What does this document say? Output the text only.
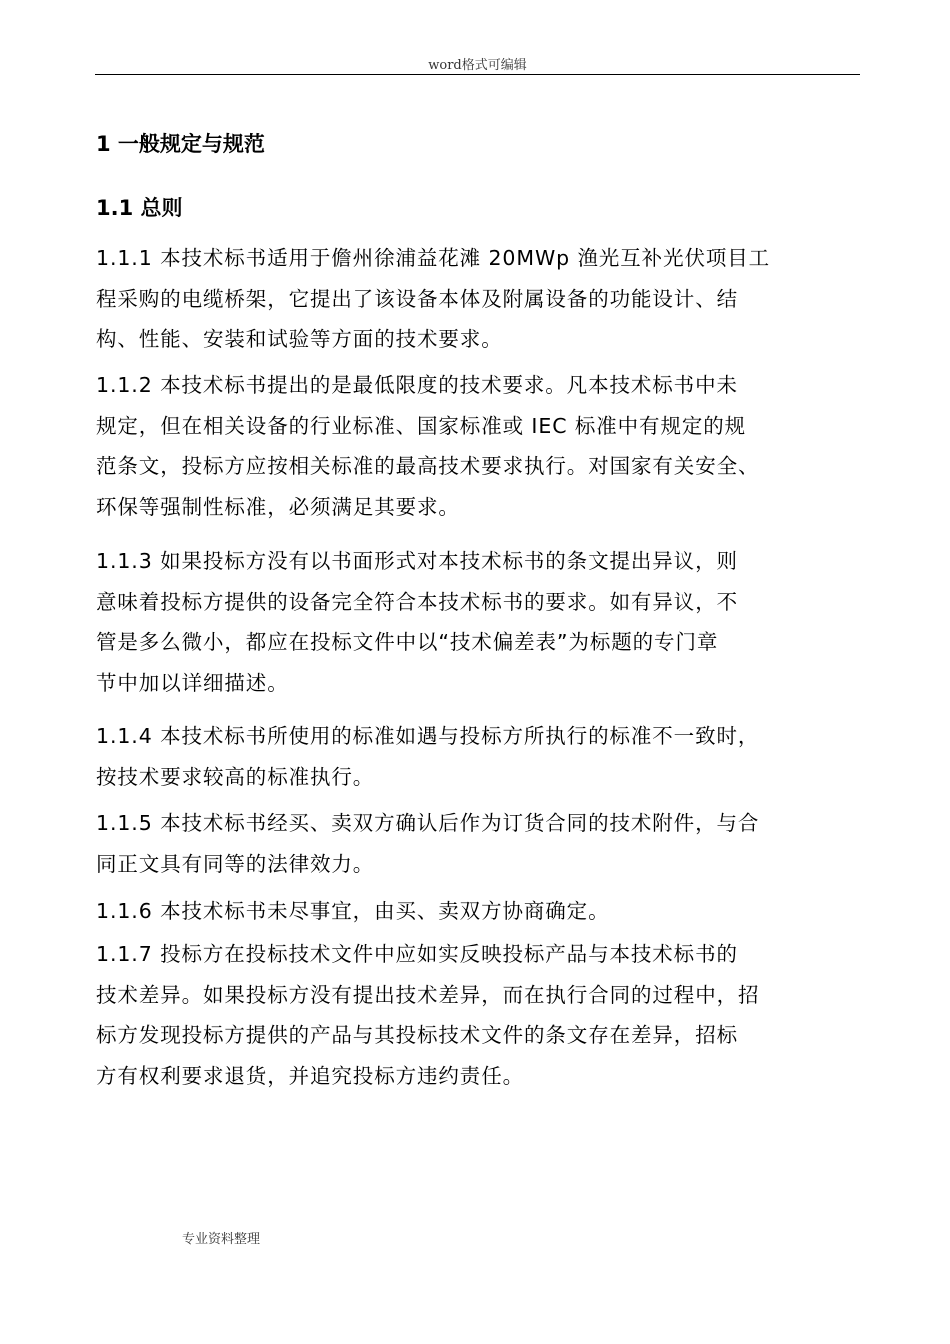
word格式可编辑
1 一般规定与规范
1.1 总则
1.1.1 本技术标书适用于儋州徐浦益花滩 20MWp 渔光互补光伏项目工
程采购的电缆桥架，它提出了该设备本体及附属设备的功能设计、结
构、性能、安装和试验等方面的技术要求。
1.1.2 本技术标书提出的是最低限度的技术要求。凡本技术标书中未
规定，但在相关设备的行业标准、国家标准或 IEC 标准中有规定的规
范条文，投标方应按相关标准的最高技术要求执行。对国家有关安全、
环保等强制性标准，必须满足其要求。
1.1.3 如果投标方没有以书面形式对本技术标书的条文提出异议，则
意味着投标方提供的设备完全符合本技术标书的要求。如有异议，不
管是多么微小，都应在投标文件中以“技术偏差表”为标题的专门章
节中加以详细描述。
1.1.4 本技术标书所使用的标准如遇与投标方所执行的标准不一致时，
按技术要求较高的标准执行。
1.1.5 本技术标书经买、卖双方确认后作为订货合同的技术附件，与合
同正文具有同等的法律效力。
1.1.6 本技术标书未尽事宜，由买、卖双方协商确定。
1.1.7 投标方在投标技术文件中应如实反映投标产品与本技术标书的
技术差异。如果投标方没有提出技术差异，而在执行合同的过程中，招
标方发现投标方提供的产品与其投标技术文件的条文存在差异，招标
方有权利要求退货，并追究投标方违约责任。
专业资料整理
